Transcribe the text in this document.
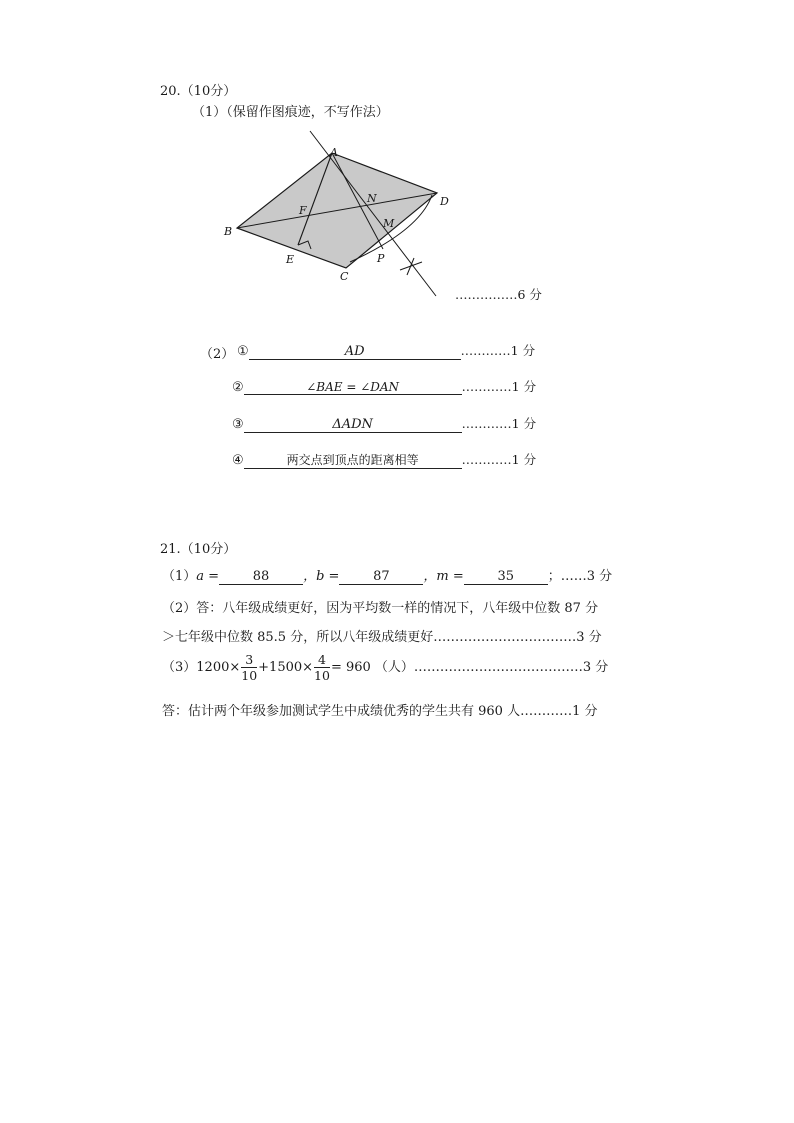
20.（10分）
（1）（保留作图痕迹，不写作法）
A
B
C
D
E
F
M
N
P
……………6 分
（2） ①	AD	…………1 分
②	∠BAE = ∠DAN	…………1 分
③	ΔADN	…………1 分
④	两交点到顶点的距离相等	…………1 分
21.（10分）
（1）a =	88	，b =	87	，m =	35	；……3 分
（2）答：八年级成绩更好，因为平均数一样的情况下，八年级中位数 87 分
＞七年级中位数 85.5 分，所以八年级成绩更好……………………………3 分
$(3)1200\times \frac{3}{10} +1500\times \frac{4}{10} = 960$ （人）…………………………………3 分
答：估计两个年级参加测试学生中成绩优秀的学生共有 960 人…………1 分
